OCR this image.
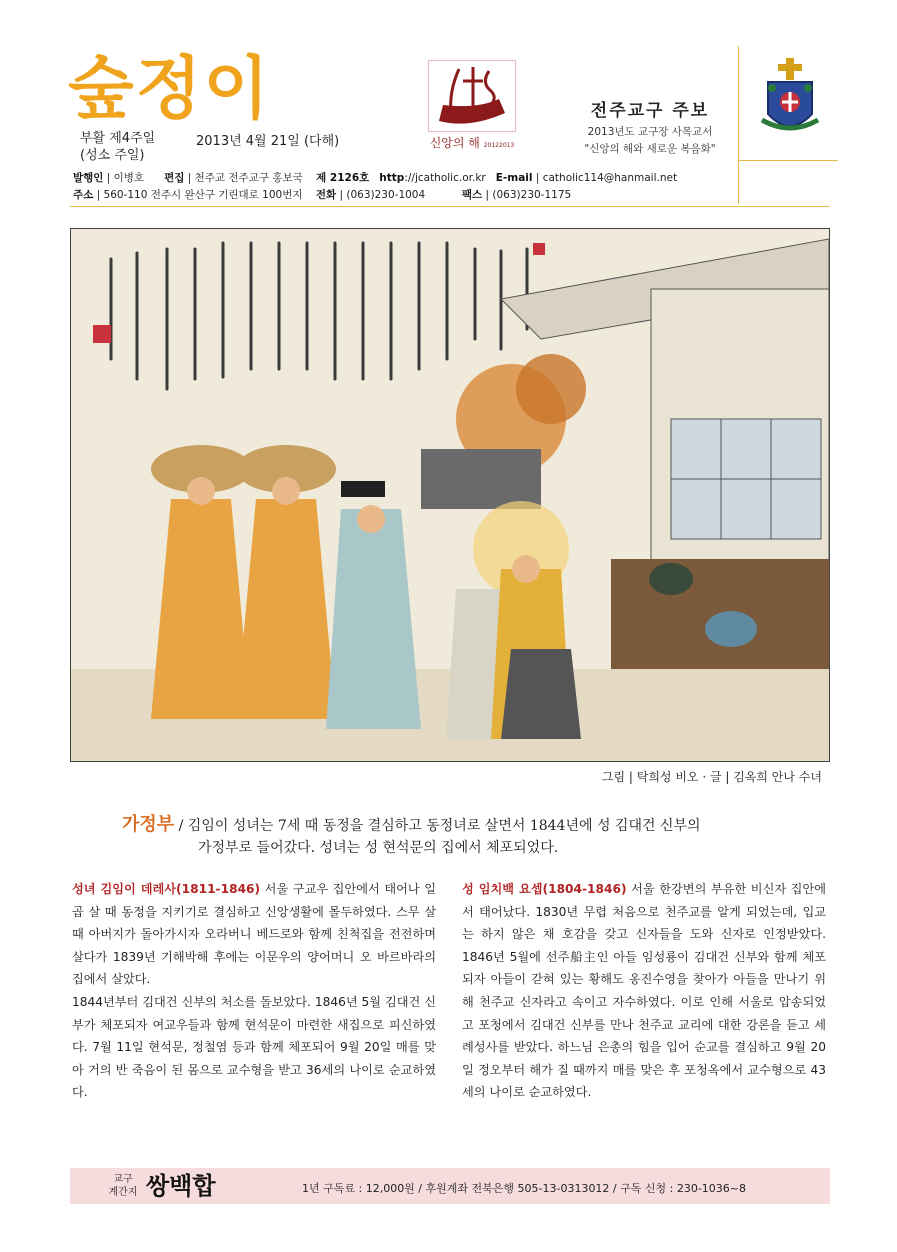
숲정이
부활 제4주일
(성소 주일)
2013년 4월 21일 (다해)	신앙의 해 20122013
전주교구 주보
2013년도 교구장 사목교서
"신앙의 해와 새로운 복음화"
발행인 | 이병호 편집 | 천주교 전주교구 홍보국 제 2126호 http://jcatholic.or.kr E-mail | catholic114@hanmail.net
주소 | 560-110 전주시 완산구 기린대로 100번지 전화 | (063)230-1004	팩스 | (063)230-1175
그림 | 탁희성 비오 · 글 | 김옥희 안나 수녀
가정부 / 김임이 성녀는 7세 때 동정을 결심하고 동정녀로 살면서 1844년에 성 김대건 신부의
가정부로 들어갔다. 성녀는 성 현석문의 집에서 체포되었다.

성녀 김임이 데레사(1811-1846) 서울 구교우 집안에서 태어나 일곱 살 때 동정을 지키기로 결심하고 신앙생활에 몰두하였다. 스무 살 때 아버지가 돌아가시자 오라버니 베드로와 함께 친척집을 전전하며 살다가 1839년 기해박해 후에는 이문우의 양어머니 오 바르바라의 집에서 살았다.

1844년부터 김대건 신부의 처소를 돌보았다. 1846년 5월 김대건 신부가 체포되자 여교우들과 함께 현석문이 마련한 새집으로 피신하였다. 7월 11일 현석문, 정철염 등과 함께 체포되어 9월 20일 매를 맞아 거의 반 죽음이 된 몸으로 교수형을 받고 36세의 나이로 순교하였다.

성 임치백 요셉(1804-1846) 서울 한강변의 부유한 비신자 집안에서 태어났다. 1830년 무렵 처음으로 천주교를 알게 되었는데, 입교는 하지 않은 채 호감을 갖고 신자들을 도와 신자로 인정받았다. 1846년 5월에 선주船主인 아들 임성룡이 김대건 신부와 함께 체포되자 아들이 갇혀 있는 황해도 옹진수영을 찾아가 아들을 만나기 위해 천주교 신자라고 속이고 자수하였다. 이로 인해 서울로 압송되었고 포청에서 김대건 신부를 만나 천주교 교리에 대한 강론을 듣고 세례성사를 받았다. 하느님 은총의 힘을 입어 순교를 결심하고 9월 20일 정오부터 해가 질 때까지 매를 맞은 후 포청옥에서 교수형으로 43세의 나이로 순교하였다.

교구
계간지 쌍백합	1년 구독료 : 12,000원 / 후원계좌 전북은행 505-13-0313012 / 구독 신청 : 230-1036~8
